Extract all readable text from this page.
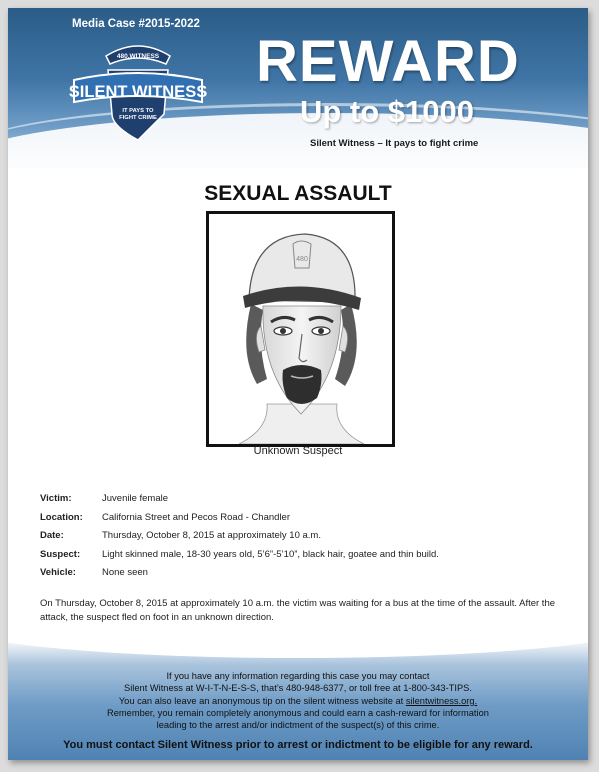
Media Case #2015-2022
REWARD
Up to $1000
Silent Witness – It pays to fight crime
480.WITNESS
SILENT WITNESS
IT PAYS TO
FIGHT CRIME
SEXUAL ASSAULT
480
Unknown Suspect
Victim:	Juvenile female
Location:	California Street and Pecos Road - Chandler
Date:	Thursday, October 8, 2015 at approximately 10 a.m.
Suspect:	Light skinned male, 18-30 years old, 5’6”-5’10”, black hair, goatee and thin build.
Vehicle:	None seen
On Thursday, October 8, 2015 at approximately 10 a.m. the victim was waiting for a bus at the time of the assault. After the attack, the suspect fled on foot in an unknown direction.
If you have any information regarding this case you may contact
Silent Witness at W-I-T-N-E-S-S, that’s 480-948-6377, or toll free at 1-800-343-TIPS.
You can also leave an anonymous tip on the silent witness website at silentwitness.org.
Remember, you remain completely anonymous and could earn a cash-reward for information
leading to the arrest and/or indictment of the suspect(s) of this crime.
You must contact Silent Witness prior to arrest or indictment to be eligible for any reward.
